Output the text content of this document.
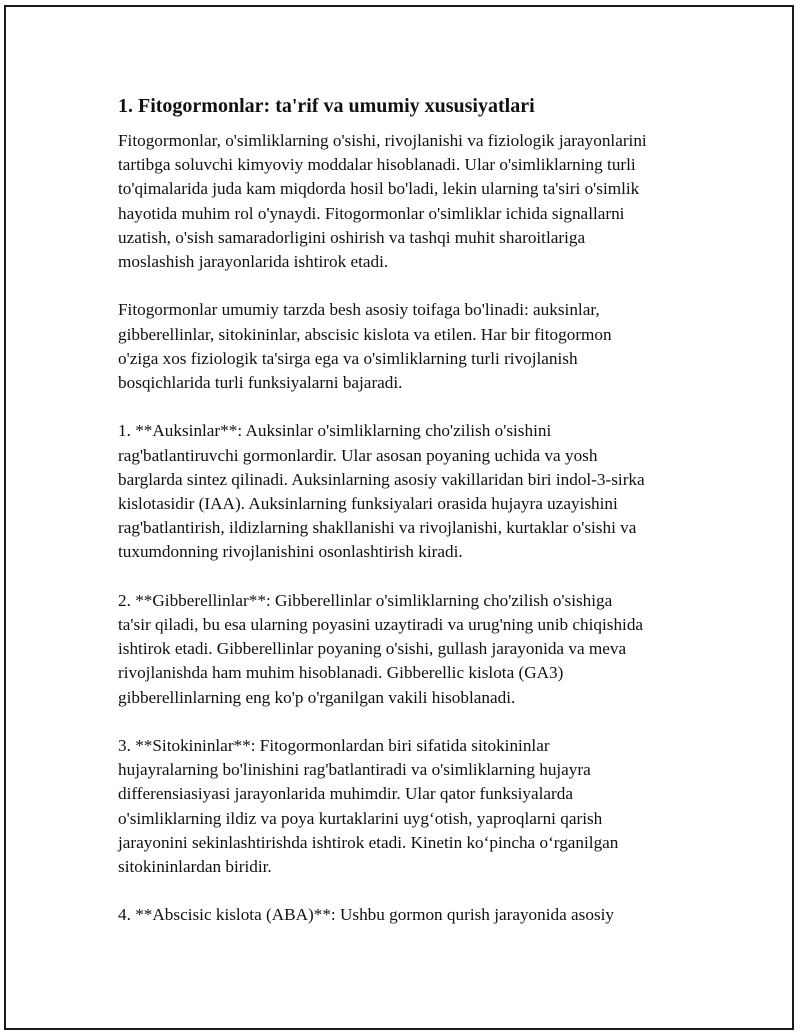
1. Fitogormonlar: ta'rif va umumiy xususiyatlari
Fitogormonlar, o'simliklarning o'sishi, rivojlanishi va fiziologik jarayonlarini
tartibga soluvchi kimyoviy moddalar hisoblanadi. Ular o'simliklarning turli
to'qimalarida juda kam miqdorda hosil bo'ladi, lekin ularning ta'siri o'simlik
hayotida muhim rol o'ynaydi. Fitogormonlar o'simliklar ichida signallarni
uzatish, o'sish samaradorligini oshirish va tashqi muhit sharoitlariga
moslashish jarayonlarida ishtirok etadi.
Fitogormonlar umumiy tarzda besh asosiy toifaga bo'linadi: auksinlar,
gibberellinlar, sitokininlar, abscisic kislota va etilen. Har bir fitogormon
o'ziga xos fiziologik ta'sirga ega va o'simliklarning turli rivojlanish
bosqichlarida turli funksiyalarni bajaradi.
1. **Auksinlar**: Auksinlar o'simliklarning cho'zilish o'sishini
rag'batlantiruvchi gormonlardir. Ular asosan poyaning uchida va yosh
barglarda sintez qilinadi. Auksinlarning asosiy vakillaridan biri indol-3-sirka
kislotasidir (IAA). Auksinlarning funksiyalari orasida hujayra uzayishini
rag'batlantirish, ildizlarning shakllanishi va rivojlanishi, kurtaklar o'sishi va
tuxumdonning rivojlanishini osonlashtirish kiradi.
2. **Gibberellinlar**: Gibberellinlar o'simliklarning cho'zilish o'sishiga
ta'sir qiladi, bu esa ularning poyasini uzaytiradi va urug'ning unib chiqishida
ishtirok etadi. Gibberellinlar poyaning o'sishi, gullash jarayonida va meva
rivojlanishda ham muhim hisoblanadi. Gibberellic kislota (GA3)
gibberellinlarning eng ko'p o'rganilgan vakili hisoblanadi.
3. **Sitokininlar**: Fitogormonlardan biri sifatida sitokininlar
hujayralarning bo'linishini rag'batlantiradi va o'simliklarning hujayra
differensiasiyasi jarayonlarida muhimdir. Ular qator funksiyalarda
o'simliklarning ildiz va poya kurtaklarini uyg‘otish, yaproqlarni qarish
jarayonini sekinlashtirishda ishtirok etadi. Kinetin ko‘pincha o‘rganilgan
sitokininlardan biridir.
4. **Abscisic kislota (ABA)**: Ushbu gormon qurish jarayonida asosiy
